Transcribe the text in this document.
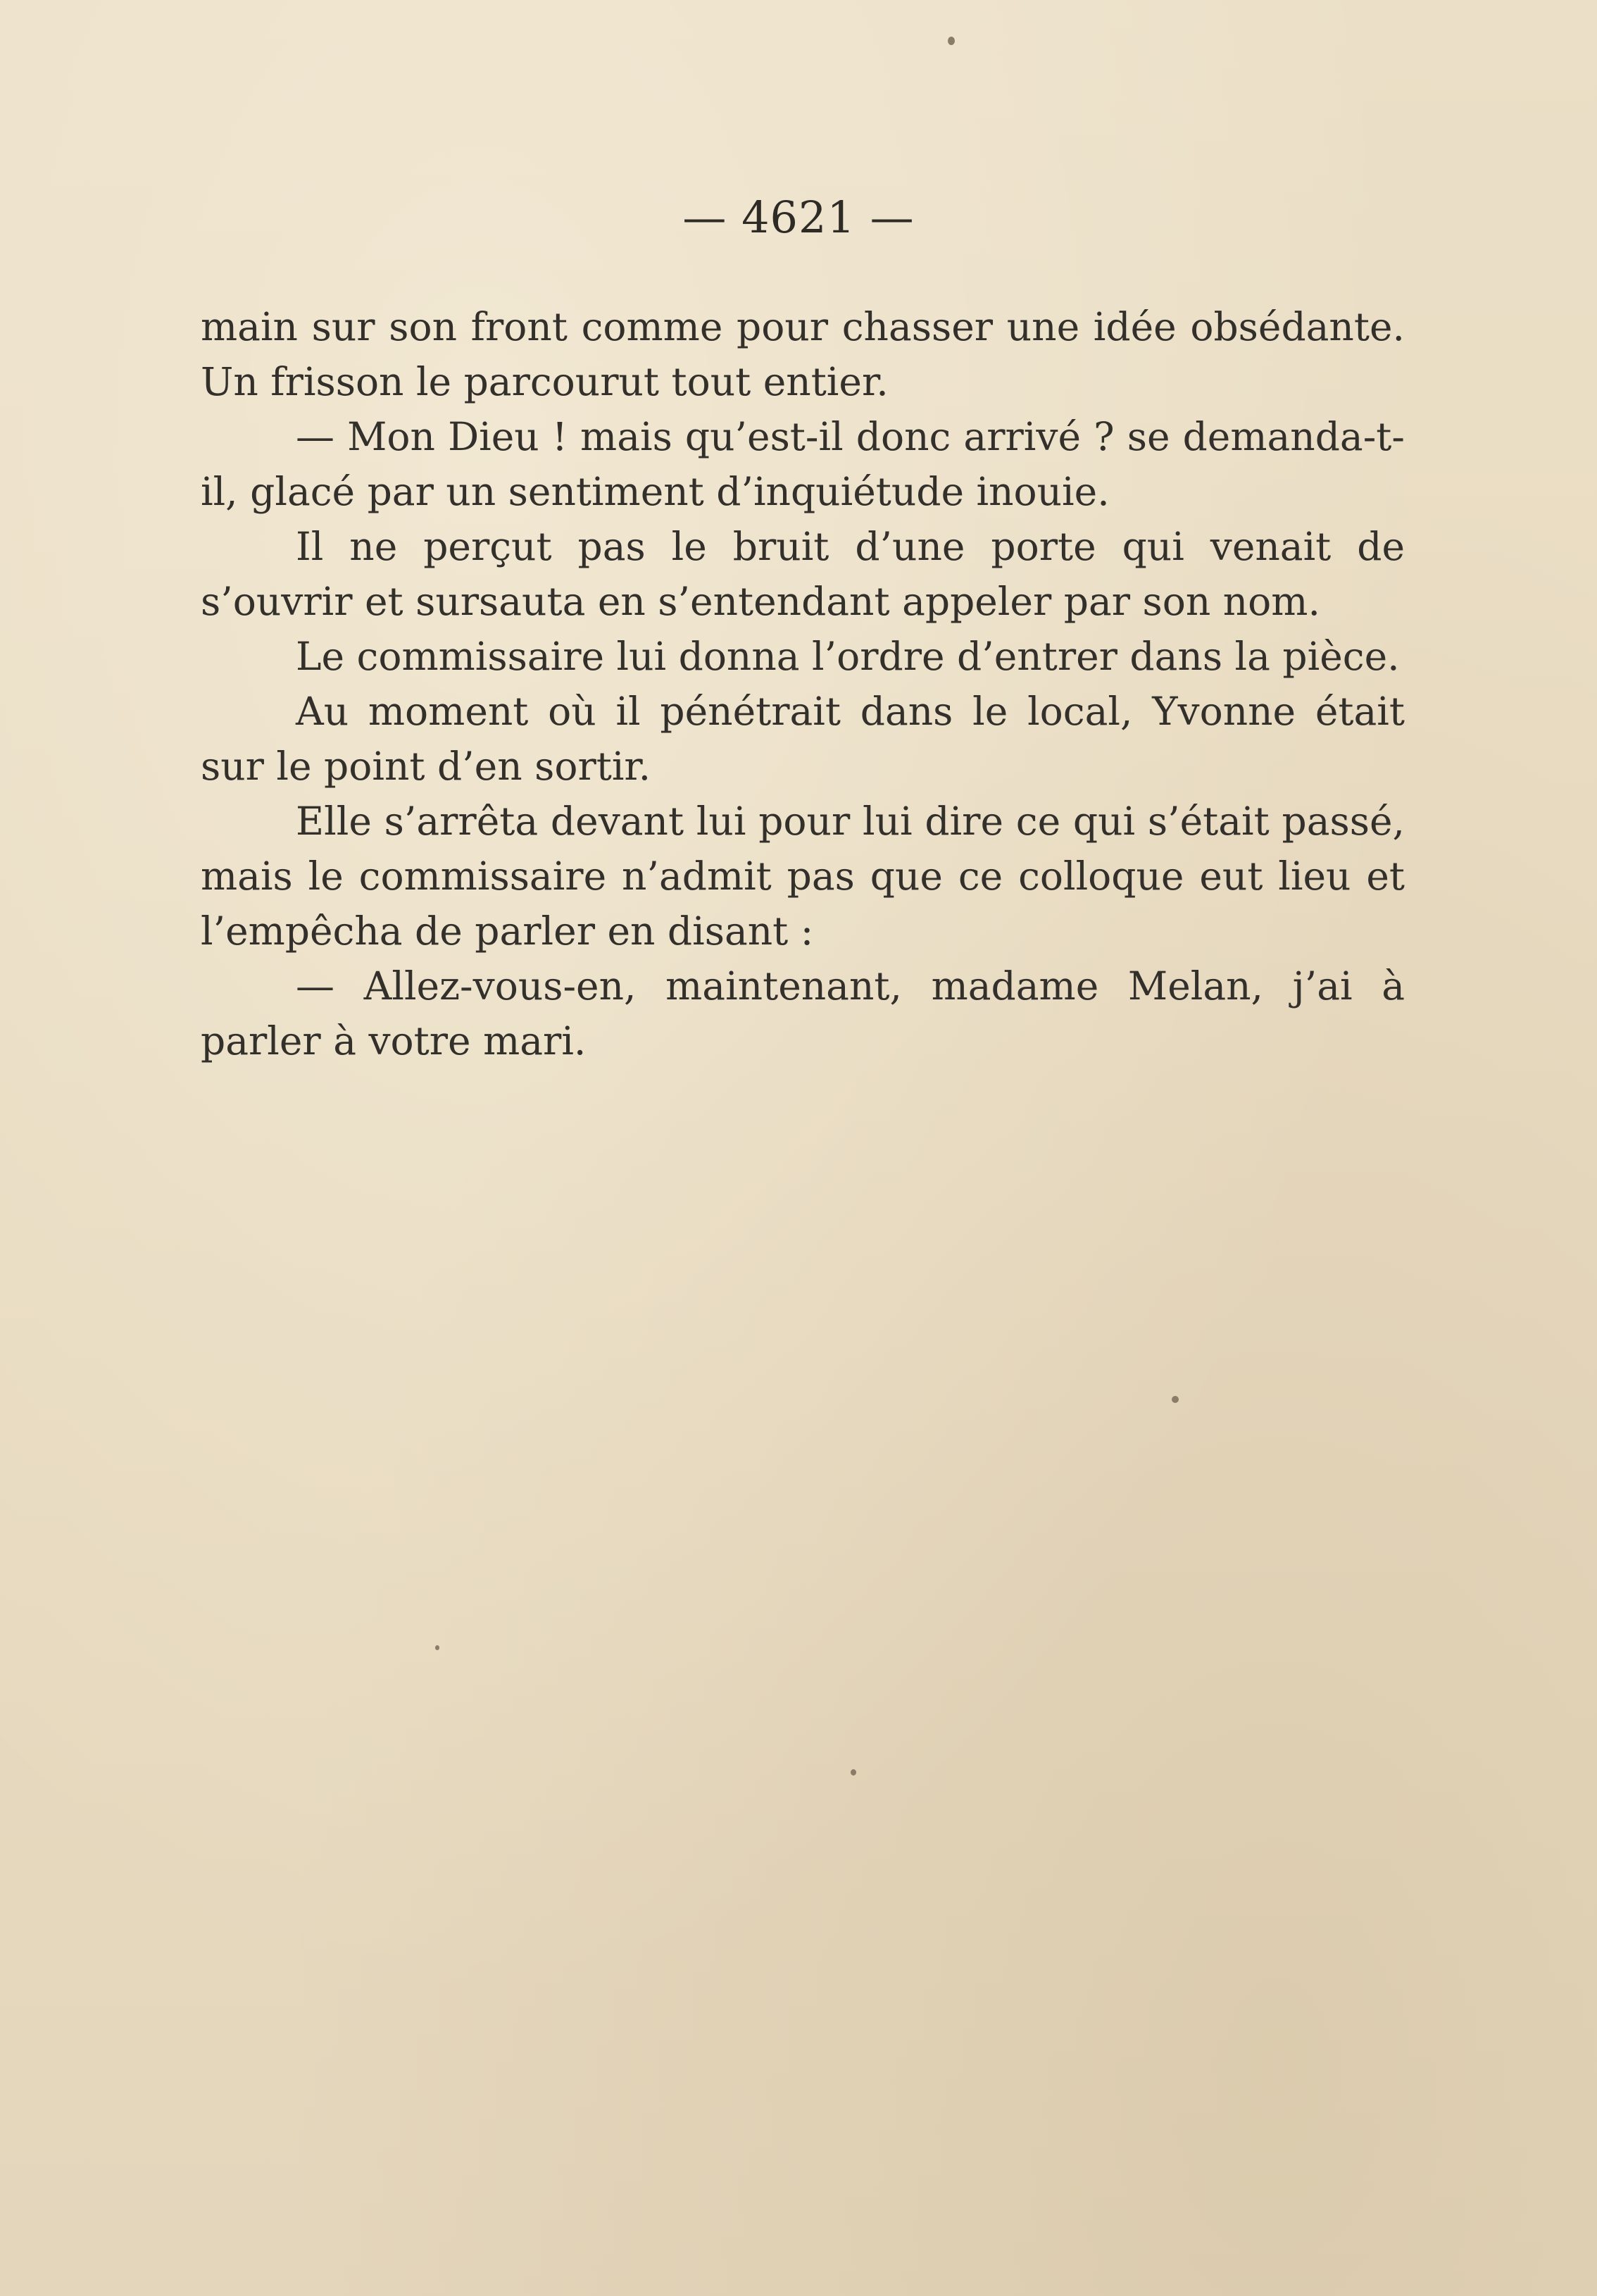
— 4621 —

main sur son front comme pour chasser une idée obsédante. Un frisson le parcourut tout entier.

— Mon Dieu ! mais qu’est-il donc arrivé ? se demanda-t-il, glacé par un sentiment d’inquiétude inouie.

Il ne perçut pas le bruit d’une porte qui venait de s’ouvrir et sursauta en s’entendant appeler par son nom.

Le commissaire lui donna l’ordre d’entrer dans la pièce.

Au moment où il pénétrait dans le local, Yvonne était sur le point d’en sortir.

Elle s’arrêta devant lui pour lui dire ce qui s’était passé, mais le commissaire n’admit pas que ce colloque eut lieu et l’empêcha de parler en disant :

— Allez-vous-en, maintenant, madame Melan, j’ai à parler à votre mari.
